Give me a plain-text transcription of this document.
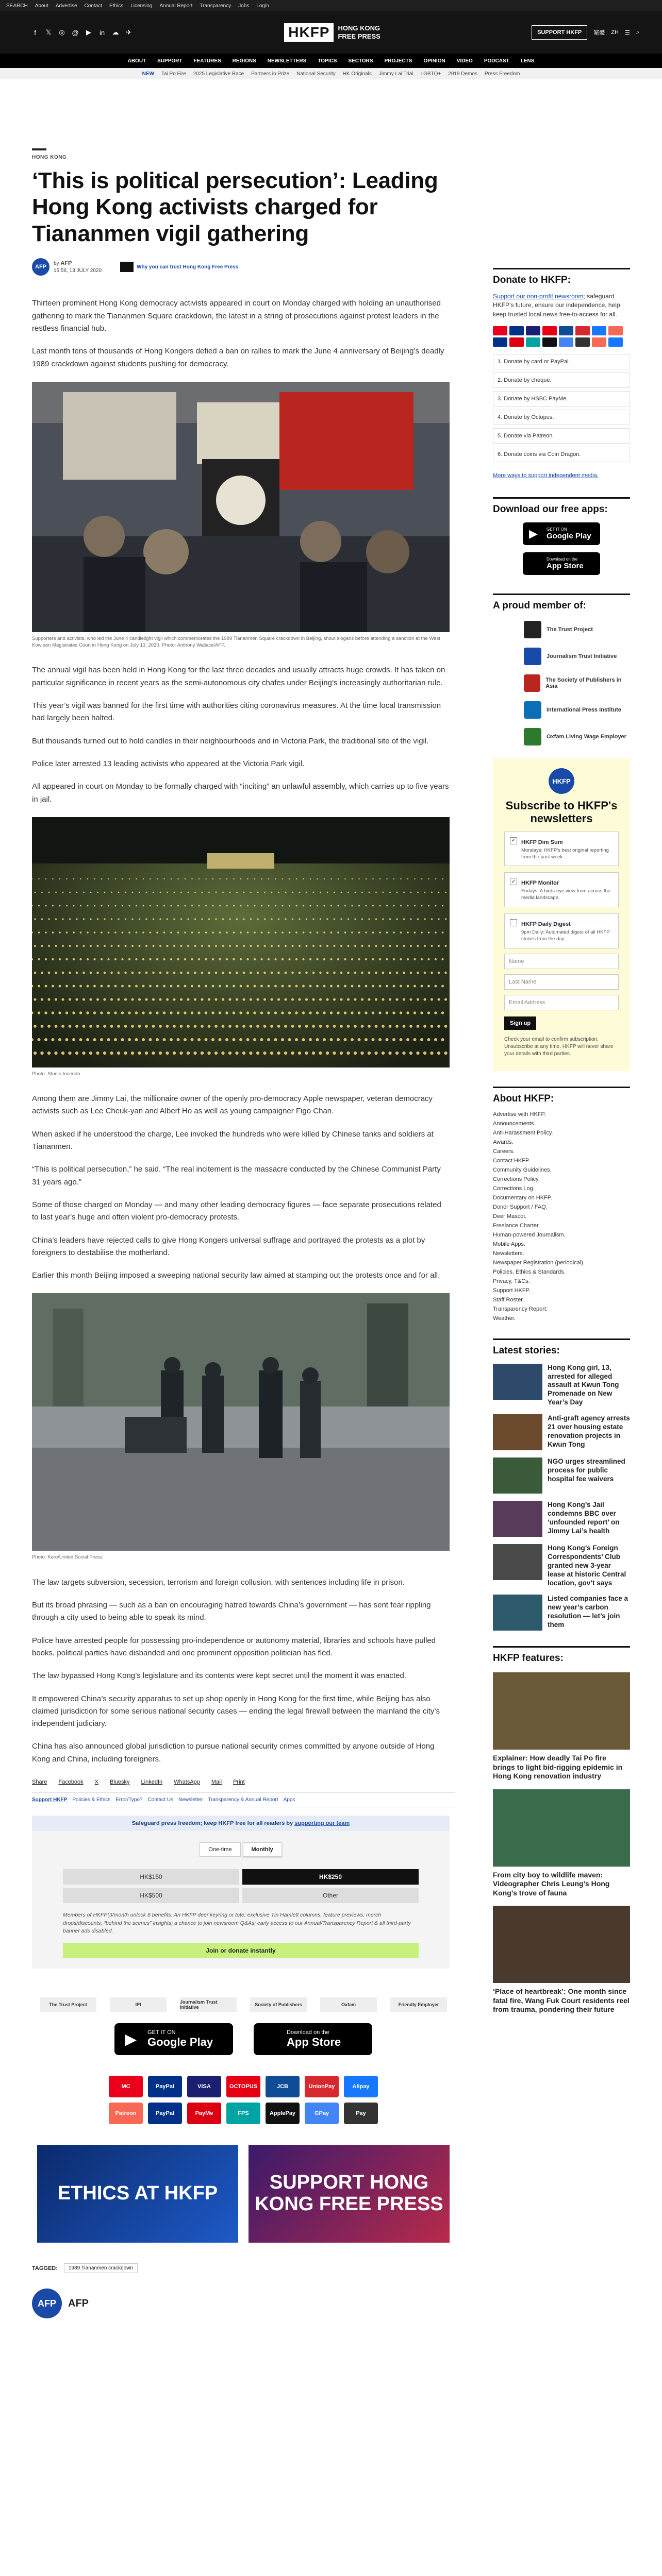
SEARCH About Advertise Contact Ethics Licensing Annual Report Transparency Jobs Login
f	𝕏 ◎ @ ▶ in ☁ ✈	HKFP	HONG KONG
FREE PRESS	SUPPORT HKFP	繁體 ZH ☰ ⌕
ABOUT SUPPORT FEATURES REGIONS NEWSLETTERS TOPICS SECTORS PROJECTS OPINION VIDEO PODCAST LENS
NEW Tai Po Fire 2025 Legislative Race Partners in Prize National Security HK Originals Jimmy Lai Trial LGBTQ+ 2019 Demos Press Freedom
HONG KONG
‘This is political persecution’: Leading Hong Kong activists charged for Tiananmen vigil gathering
AFP
by AFP
15:56, 13 JULY 2020
Why you can trust Hong Kong Free Press
Thirteen prominent Hong Kong democracy activists appeared in court on Monday charged with holding an unauthorised gathering to mark the Tiananmen Square crackdown, the latest in a string of prosecutions against protest leaders in the restless financial hub.
Last month tens of thousands of Hong Kongers defied a ban on rallies to mark the June 4 anniversary of Beijing’s deadly 1989 crackdown against students pushing for democracy.
Supporters and activists, who led the June 4 candlelight vigil which commemorates the 1989 Tiananmen Square crackdown in Beijing, shout slogans before attending a sanction at the West Kowloon Magistrates Court in Hong Kong on July 13, 2020. Photo: Anthony Wallace/AFP.
The annual vigil has been held in Hong Kong for the last three decades and usually attracts huge crowds. It has taken on particular significance in recent years as the semi-autonomous city chafes under Beijing’s increasingly authoritarian rule.
This year’s vigil was banned for the first time with authorities citing coronavirus measures. At the time local transmission had largely been halted.
But thousands turned out to hold candles in their neighbourhoods and in Victoria Park, the traditional site of the vigil.
Police later arrested 13 leading activists who appeared at the Victoria Park vigil.
All appeared in court on Monday to be formally charged with “inciting” an unlawful assembly, which carries up to five years in jail.
Photo: Studio Incendo.
Among them are Jimmy Lai, the millionaire owner of the openly pro-democracy Apple newspaper, veteran democracy activists such as Lee Cheuk-yan and Albert Ho as well as young campaigner Figo Chan.
When asked if he understood the charge, Lee invoked the hundreds who were killed by Chinese tanks and soldiers at Tiananmen.
“This is political persecution,” he said. “The real incitement is the massacre conducted by the Chinese Communist Party 31 years ago.”
Some of those charged on Monday — and many other leading democracy figures — face separate prosecutions related to last year’s huge and often violent pro-democracy protests.
China’s leaders have rejected calls to give Hong Kongers universal suffrage and portrayed the protests as a plot by foreigners to destabilise the motherland.
Earlier this month Beijing imposed a sweeping national security law aimed at stamping out the protests once and for all.
Photo: Kero/United Social Press.
The law targets subversion, secession, terrorism and foreign collusion, with sentences including life in prison.
But its broad phrasing — such as a ban on encouraging hatred towards China’s government — has sent fear rippling through a city used to being able to speak its mind.
Police have arrested people for possessing pro-independence or autonomy material, libraries and schools have pulled books, political parties have disbanded and one prominent opposition politician has fled.
The law bypassed Hong Kong’s legislature and its contents were kept secret until the moment it was enacted.
It empowered China’s security apparatus to set up shop openly in Hong Kong for the first time, while Beijing has also claimed jurisdiction for some serious national security cases — ending the legal firewall between the mainland the city’s independent judiciary.
China has also announced global jurisdiction to pursue national security crimes committed by anyone outside of Hong Kong and China, including foreigners.
Share Facebook X Bluesky LinkedIn WhatsApp Mail Print
Support HKFP Policies & Ethics Error/Typo? Contact Us Newsletter Transparency & Annual Report Apps
Safeguard press freedom; keep HKFP free for all readers by supporting our team
One-time	Monthly
HK$150	HK$250
HK$500	Other
Members of HKFP(3/month unlock 8 benefits: An HKFP deer keyring or tote; exclusive Tin Hamlett columns, feature previews; merch drops/discounts; “behind the scenes” insights; a chance to join newsroom Q&As; early access to our Annual/Transparency Report & all third-party banner ads disabled.
Join or donate instantly
The Trust Project	IPI	Journalism Trust Initiative	Society of Publishers	Oxfam	Friendly Employer
▶ GET IT ON
Google Play
Download on the
App Store
MC	PayPal	VISA	OCTOPUS	JCB	UnionPay	Alipay
Patreon	PayPal	PayMe	FPS	ApplePay	GPay	Pay
ETHICS AT HKFP	SUPPORT HONG KONG FREE PRESS
TAGGED:	1989 Tiananmen crackdown
AFP	AFP
Donate to HKFP:
Support our non-profit newsroom; safeguard HKFP’s future, ensure our independence, help keep trusted local news free-to-access for all.
1. Donate by card or PayPal.
2. Donate by cheque.
3. Donate by HSBC PayMe.
4. Donate by Octopus.
5. Donate via Patreon.
6. Donate coins via Coin Dragon.
More ways to support independent media.
Download our free apps:
▶ GET IT ON
Google Play
Download on the
App Store
A proud member of:
The Trust Project
Journalism Trust Initiative
The Society of Publishers in Asia
International Press Institute
Oxfam Living Wage Employer
HKFP
Subscribe to HKFP's newsletters
✓ HKFP Dim Sum

Mondays: HKFP’s best original reporting from the past week.

✓ HKFP Monitor

Fridays: A birds-eye view from across the media landscape.

HKFP Daily Digest

9pm Daily: Automated digest of all HKFP stories from the day.

Name
Last Name
Email Address
Sign up
Check your email to confirm subscription. Unsubscribe at any time. HKFP will never share your details with third parties.
About HKFP:
Advertise with HKFP.
Announcements.
Anti-Harassment Policy.
Awards.
Careers.
Contact HKFP.
Community Guidelines.
Corrections Policy.
Corrections Log.
Documentary on HKFP.
Donor Support / FAQ.
Deer Mascot.
Freelance Charter.
Human-powered Journalism.
Mobile Apps.
Newsletters.
Newspaper Registration (periodical).
Policies, Ethics & Standards.
Privacy, T&Cs.
Support HKFP.
Staff Roster.
Transparency Report.
Weather.
Latest stories:
Hong Kong girl, 13, arrested for alleged assault at Kwun Tong Promenade on New Year’s Day
Anti-graft agency arrests 21 over housing estate renovation projects in Kwun Tong
NGO urges streamlined process for public hospital fee waivers
Hong Kong’s Jail condemns BBC over ‘unfounded report’ on Jimmy Lai’s health
Hong Kong’s Foreign Correspondents’ Club granted new 3-year lease at historic Central location, gov’t says
Listed companies face a new year’s carbon resolution — let’s join them
HKFP features:
Explainer: How deadly Tai Po fire brings to light bid-rigging epidemic in Hong Kong renovation industry
From city boy to wildlife maven: Videographer Chris Leung’s Hong Kong’s trove of fauna
‘Place of heartbreak’: One month since fatal fire, Wang Fuk Court residents reel from trauma, pondering their future
